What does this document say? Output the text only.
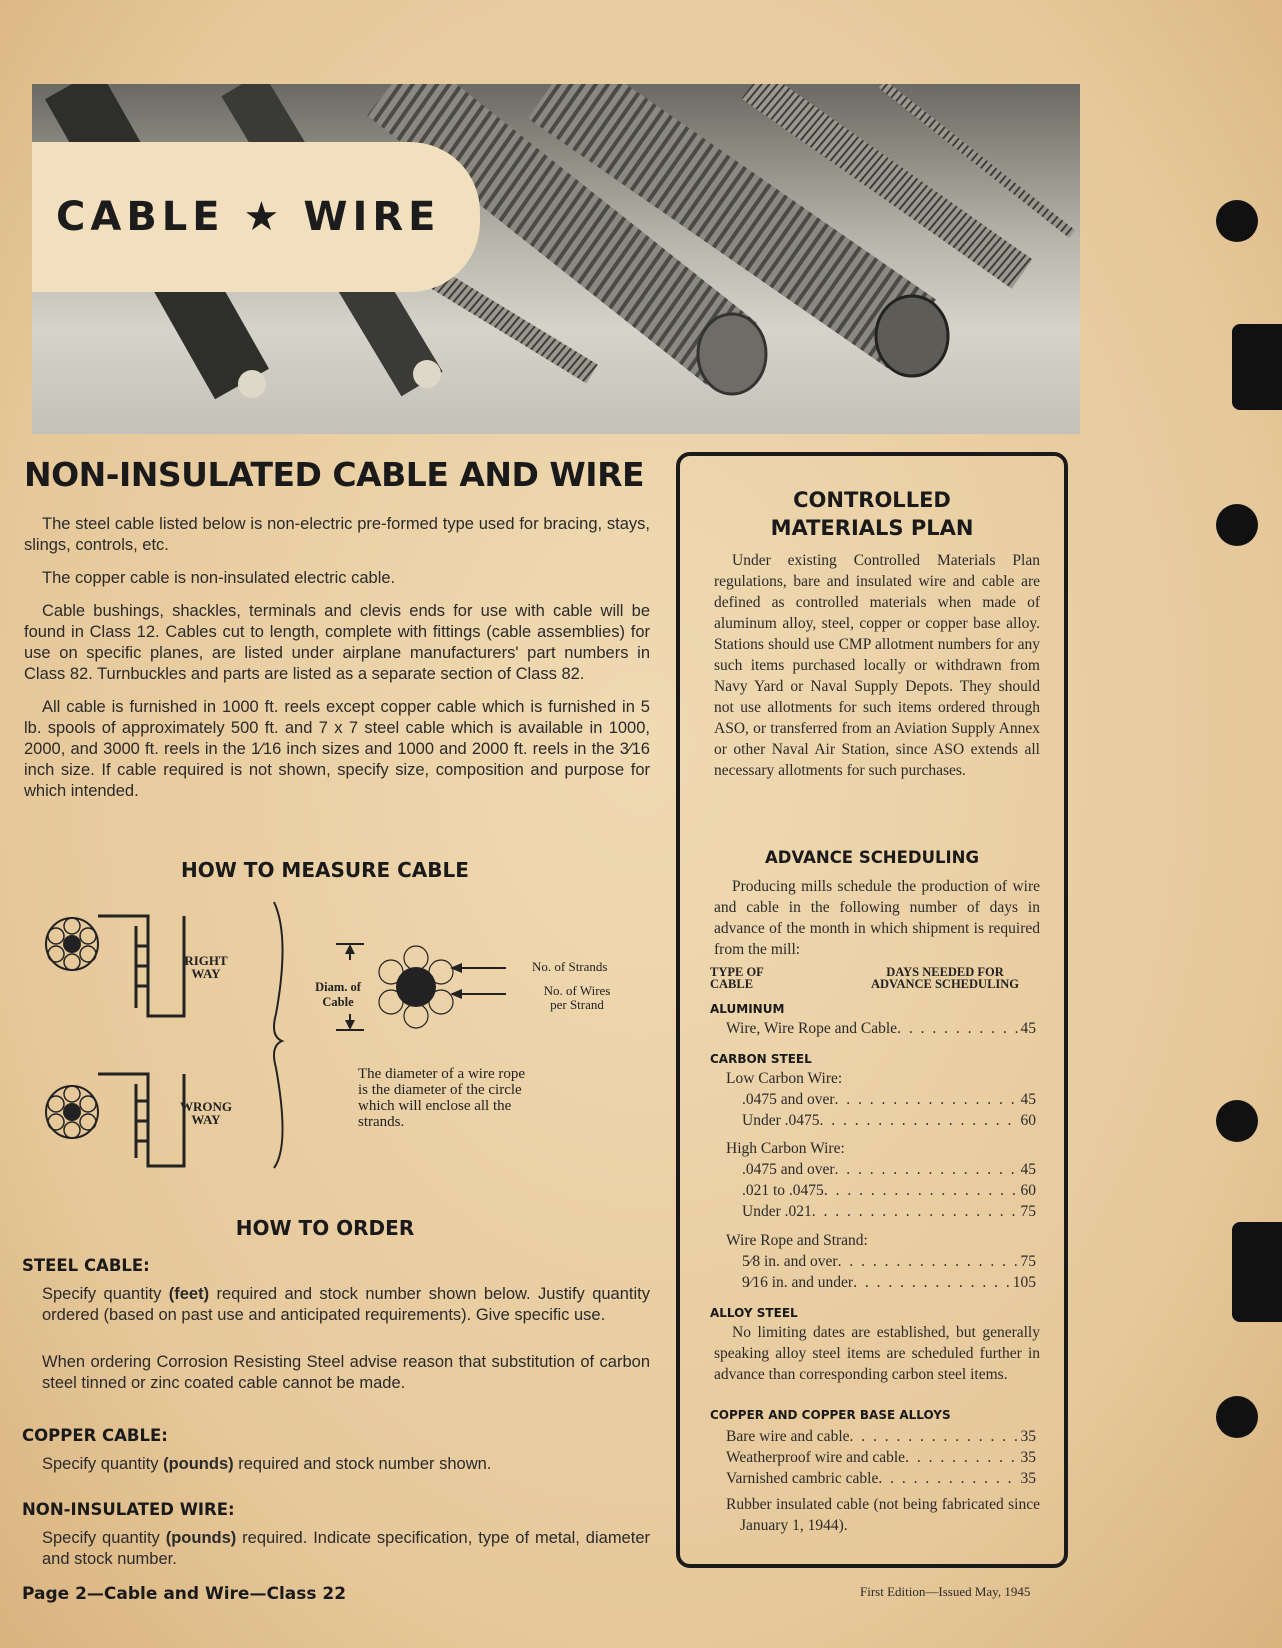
CABLE ★ WIRE
NON-INSULATED CABLE AND WIRE

The steel cable listed below is non-electric pre-formed type used for bracing, stays, slings, controls, etc.

The copper cable is non-insulated electric cable.

Cable bushings, shackles, terminals and clevis ends for use with cable will be found in Class 12. Cables cut to length, complete with fittings (cable assemblies) for use on specific planes, are listed under airplane manufacturers' part numbers in Class 82. Turnbuckles and parts are listed as a separate section of Class 82.

All cable is furnished in 1000 ft. reels except copper cable which is furnished in 5 lb. spools of approximately 500 ft. and 7 x 7 steel cable which is available in 1000, 2000, and 3000 ft. reels in the 1⁄16 inch sizes and 1000 and 2000 ft. reels in the 3⁄16 inch size. If cable required is not shown, specify size, composition and purpose for which intended.

HOW TO MEASURE CABLE
RIGHT
WAY
WRONG
WAY
Diam. of
Cable
No. of Strands
No. of Wires
per Strand
The diameter of a wire rope
is the diameter of the circle
which will enclose all the
strands.
HOW TO ORDER
STEEL CABLE:

Specify quantity (feet) required and stock number shown below. Justify quantity ordered (based on past use and anticipated requirements). Give specific use.

When ordering Corrosion Resisting Steel advise reason that substitution of carbon steel tinned or zinc coated cable cannot be made.

COPPER CABLE:

Specify quantity (pounds) required and stock number shown.

NON-INSULATED WIRE:

Specify quantity (pounds) required. Indicate specification, type of metal, diameter and stock number.

CONTROLLED
MATERIALS PLAN

Under existing Controlled Materials Plan regulations, bare and insulated wire and cable are defined as controlled materials when made of aluminum alloy, steel, copper or copper base alloy. Stations should use CMP allotment numbers for any such items purchased locally or withdrawn from Navy Yard or Naval Supply Depots. They should not use allotments for such items ordered through ASO, or transferred from an Aviation Supply Annex or other Naval Air Station, since ASO extends all necessary allotments for such purchases.

ADVANCE SCHEDULING

Producing mills schedule the production of wire and cable in the following number of days in advance of the month in which shipment is required from the mill:

TYPE OF
CABLE
DAYS NEEDED FOR
ADVANCE SCHEDULING
ALUMINUM
Wire, Wire Rope and Cable . . .	45
CARBON STEEL
Low Carbon Wire:
.0475 and over . . .	45
Under .0475 . . .	60
High Carbon Wire:
.0475 and over . . .	45
.021 to .0475 . . .	60
Under .021 . . .	75
Wire Rope and Strand:
5⁄8 in. and over . . .	75
9⁄16 in. and under . . .	105
ALLOY STEEL

No limiting dates are established, but generally speaking alloy steel items are scheduled further in advance than corresponding carbon steel items.

COPPER AND COPPER BASE ALLOYS
Bare wire and cable . . .	35
Weatherproof wire and cable . . .	35
Varnished cambric cable . . .	35

Rubber insulated cable (not being fabricated since January 1, 1944).

Page 2—Cable and Wire—Class 22	First Edition—Issued May, 1945
